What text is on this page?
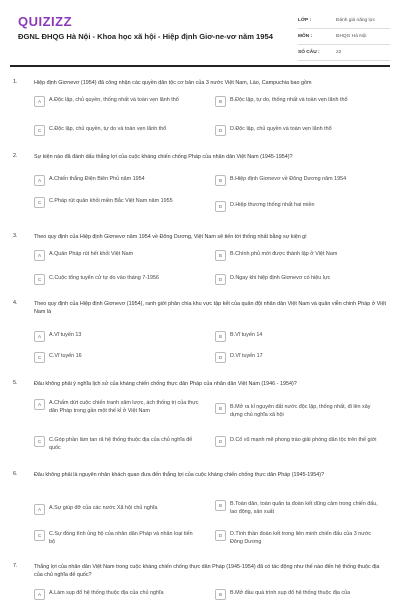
QUIZIZZ
ĐGNL ĐHQG Hà Nội - Khoa học xã hội - Hiệp định Giơ-ne-vơ năm 1954
LỚP :	Đánh giá năng lực
MÔN :	ĐHQG Hà Nội
SỐ CÂU :	22
1.	Hiệp định Giơnevơ (1954) đã công nhận các quyền dân tộc cơ bản của 3 nước Việt Nam, Lào, Campuchia bao gồm
A	A.Độc lập, chủ quyền, thống nhất và toàn vẹn lãnh thổ	B	B.Độc lập, tự do, thống nhất và toàn vẹn lãnh thổ
C	C.Độc lập, chủ quyền, tự do và toàn vẹn lãnh thổ	D	D.Độc lập, chủ quyền và toàn vẹn lãnh thổ
2.	Sự kiện nào đã đánh dấu thắng lợi của cuộc kháng chiến chống Pháp của nhân dân Việt Nam (1945-1954)?
A	A.Chiến thắng Điện Biên Phủ năm 1954	B	B.Hiệp định Giơnevơ về Đông Dương năm 1954
C	C.Pháp rút quân khỏi miền Bắc Việt Nam năm 1955
D	D.Hiệp thương thống nhất hai miền
3.	Theo quy định của Hiệp định Giơnevơ năm 1954 về Đông Dương, Việt Nam sẽ tiến tới thống nhất bằng sự kiện gì
A	A.Quân Pháp rút hết khỏi Việt Nam	B	B.Chính phủ mới được thành lập ở Việt Nam
C	C.Cuộc tổng tuyển cử tự do vào tháng 7-1956	D	D.Ngay khi hiệp định Giơnevơ có hiệu lực
4.	Theo quy định của Hiệp định Giơnevơ (1954), ranh giới phân chia khu vực tập kết của quân đội nhân dân Việt Nam và quân viễn chinh Pháp ở Việt Nam là
A	A.Vĩ tuyến 13	B	B.Vĩ tuyến 14
C	C.Vĩ tuyến 16	D	D.Vĩ tuyến 17
5.	Đâu không phải ý nghĩa lịch sử của kháng chiến chống thực dân Pháp của nhân dân Việt Nam (1946 - 1954)?
A	A.Chấm dứt cuộc chiến tranh xâm lược, ách thống trị của thực dân Pháp trong gần một thế kỉ ở Việt Nam	B	B.Mở ra kỉ nguyên đất nước độc lập, thống nhất, đi lên xây dựng chủ nghĩa xã hội
C	C.Góp phần làm tan rã hệ thống thuộc địa của chủ nghĩa đế quốc
D	D.Cổ vũ mạnh mẽ phong trào giải phóng dân tộc trên thế giới
6.	Đâu không phải là nguyên nhân khách quan đưa đến thắng lợi của cuộc kháng chiến chống thực dân Pháp (1945-1954)?
A	A.Sự giúp đỡ của các nước Xã hội chủ nghĩa	B	B.Toàn dân, toàn quân ta đoàn kết dũng cảm trong chiến đấu, lao động, sản xuất
C	C.Sự đồng tình ủng hộ của nhân dân Pháp và nhân loại tiến bộ
D	D.Tình thần đoàn kết trong liên minh chiến đấu của 3 nước Đông Dương
7.	Thắng lợi của nhân dân Việt Nam trong cuộc kháng chiến chống thực dân Pháp (1945-1954) đã có tác động như thế nào đến hệ thống thuộc địa của chủ nghĩa đế quốc?
A	A.Làm sụp đổ hệ thống thuộc địa của chủ nghĩa	B	B.Mở đầu quá trình sụp đổ hệ thống thuộc địa của
